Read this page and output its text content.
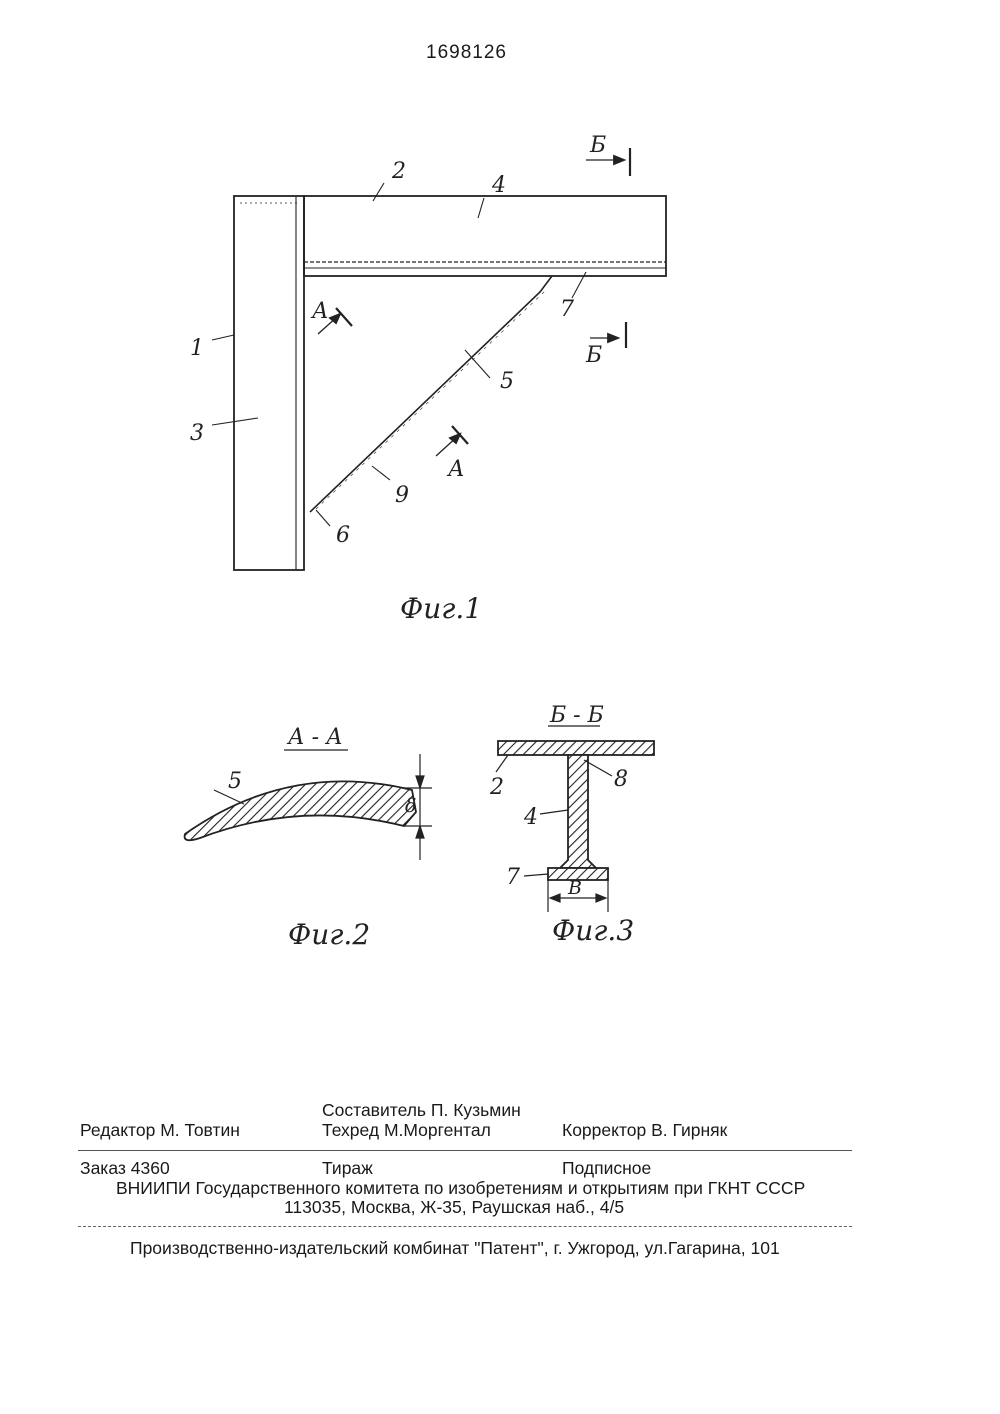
1698126
2
4
1
3
5
7
9
6
Б
Б
А
А
Фиг.1
А - А
5
δ
Фиг.2
Б - Б
2	8
4
7	В
Фиг.3
Составитель П. Кузьмин
Редактор М. Товтин	Техред М.Моргентал	Корректор В. Гирняк
Заказ 4360	Тираж	Подписное
ВНИИПИ Государственного комитета по изобретениям и открытиям при ГКНТ СССР
113035, Москва, Ж-35, Раушская наб., 4/5
Производственно-издательский комбинат "Патент", г. Ужгород, ул.Гагарина, 101
